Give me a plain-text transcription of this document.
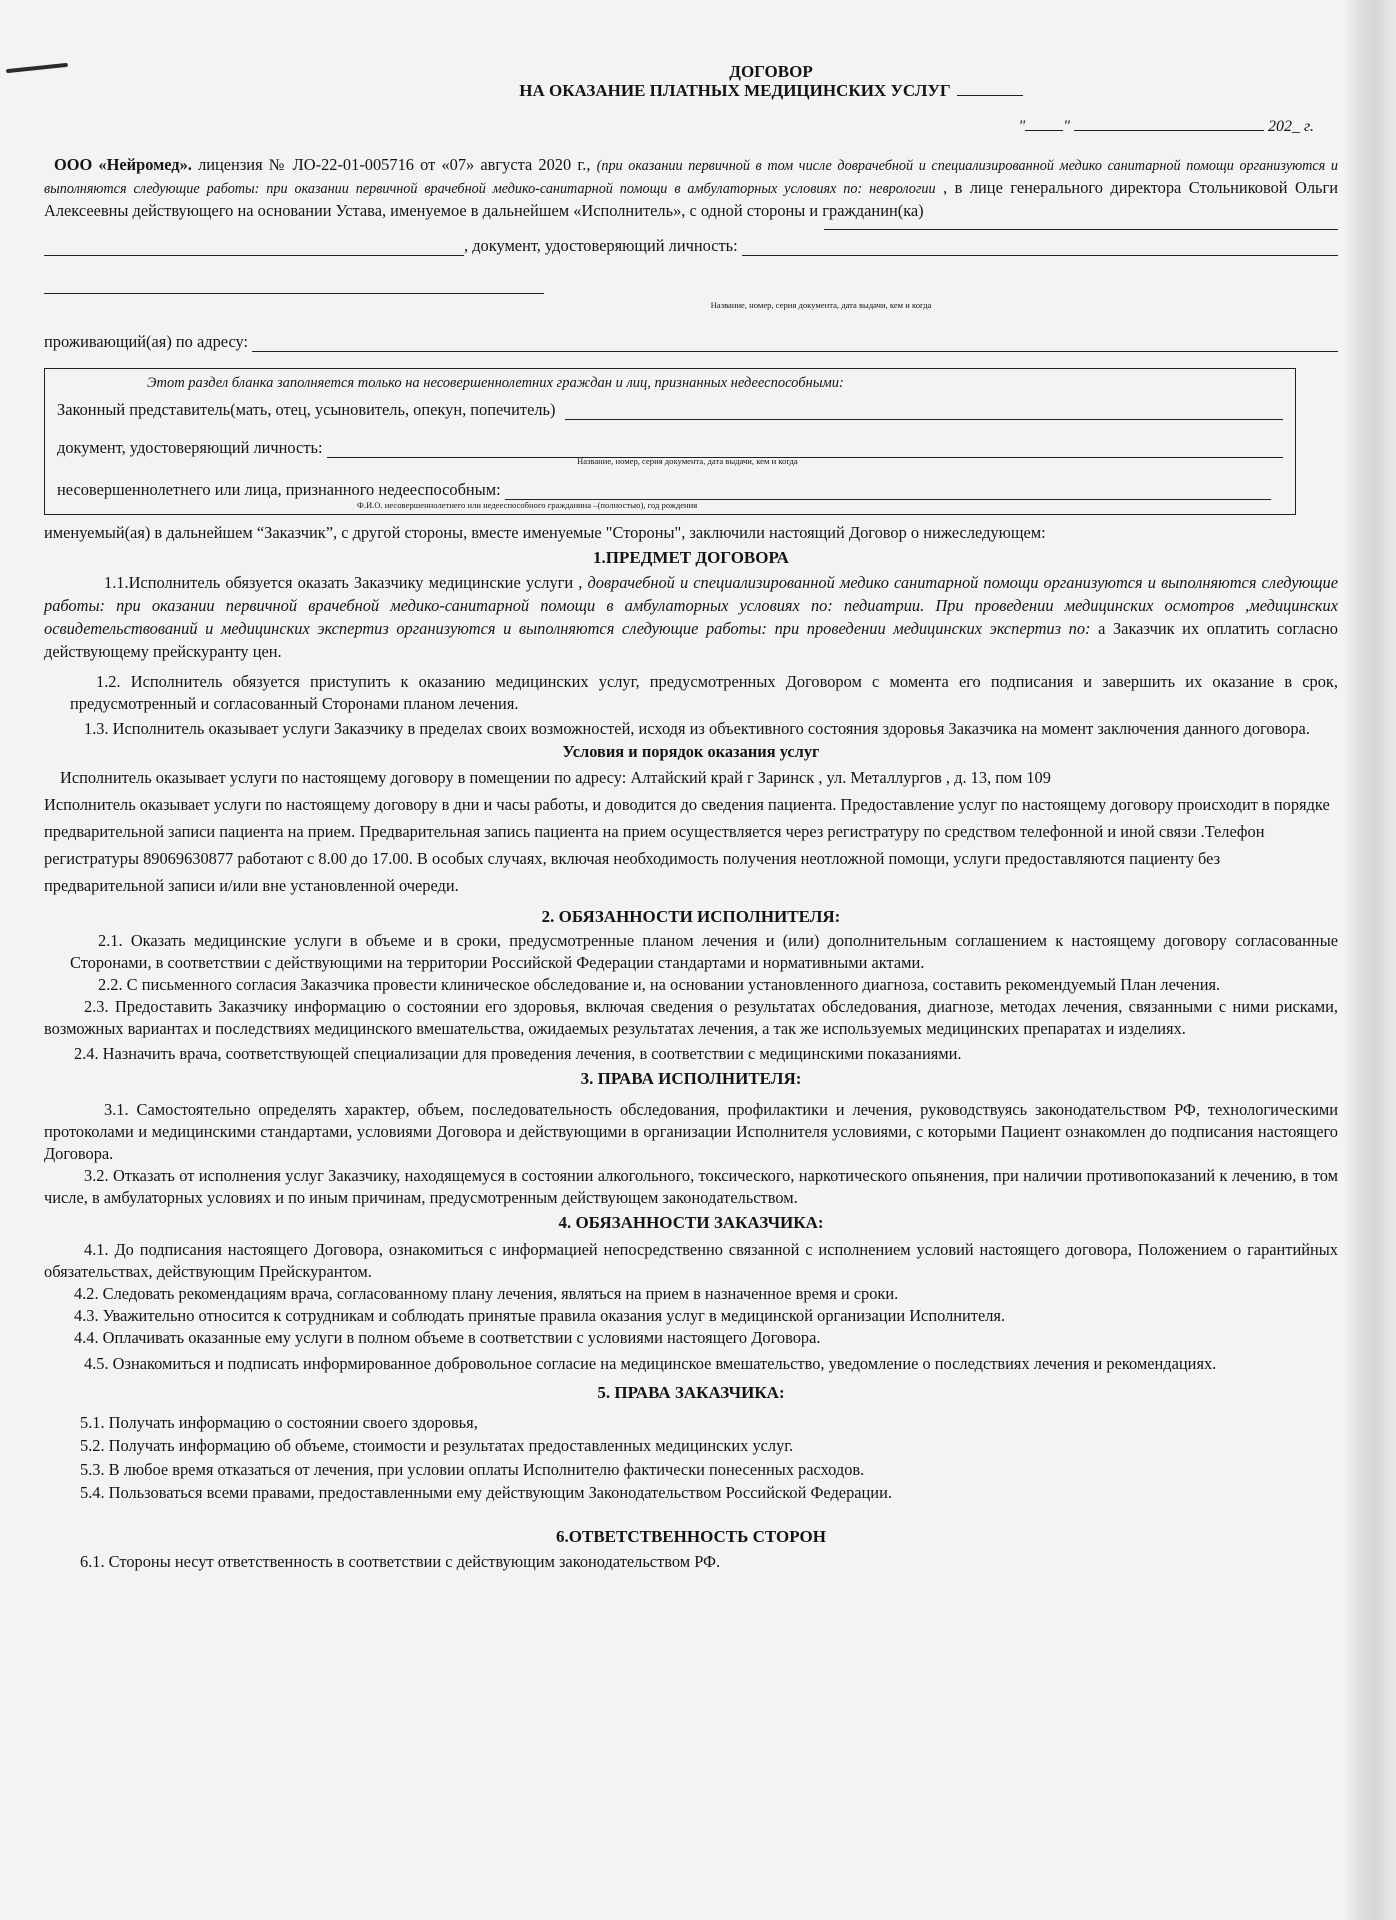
ДОГОВОР
НА ОКАЗАНИЕ ПЛАТНЫХ МЕДИЦИНСКИХ УСЛУГ
" "	202_ г.

ООО «Нейромед». лицензия № ЛО-22-01-005716 от «07» августа 2020 г., (при оказании первичной в том числе доврачебной и специализированной медико санитарной помощи организуются и выполняются следующие работы: при оказании первичной врачебной медико-санитарной помощи в амбулаторных условиях по: неврологии , в лице генерального директора Стольниковой Ольги Алексеевны действующего на основании Устава, именуемое в дальнейшем «Исполнитель», с одной стороны и гражданин(ка)

, документ, удостоверяющий личность:
Название, номер, серия документа, дата выдачи, кем и когда
проживающий(ая) по адресу:
Этот раздел бланка заполняется только на несовершеннолетних граждан и лиц, признанных недееспособными:
Законный представитель(мать, отец, усыновитель, опекун, попечитель)
документ, удостоверяющий личность:
Название, номер, серия документа, дата выдачи, кем и когда
несовершеннолетнего или лица, признанного недееспособным:
Ф.И.О. несовершеннолетнего или недееспособного гражданина –(полностью), год рождения

именуемый(ая) в дальнейшем “Заказчик”, с другой стороны, вместе именуемые "Стороны", заключили настоящий Договор о нижеследующем:

1.ПРЕДМЕТ ДОГОВОРА

1.1.Исполнитель обязуется оказать Заказчику медицинские услуги , доврачебной и специализированной медико санитарной помощи организуются и выполняются следующие работы: при оказании первичной врачебной медико-санитарной помощи в амбулаторных условиях по: педиатрии. При проведении медицинских осмотров ,медицинских освидетельствований и медицинских экспертиз организуются и выполняются следующие работы: при проведении медицинских экспертиз по: а Заказчик их оплатить согласно действующему прейскуранту цен.

1.2. Исполнитель обязуется приступить к оказанию медицинских услуг, предусмотренных Договором с момента его подписания и завершить их оказание в срок, предусмотренный и согласованный Сторонами планом лечения.

1.3. Исполнитель оказывает услуги Заказчику в пределах своих возможностей, исходя из объективного состояния здоровья Заказчика на момент заключения данного договора.

Условия и порядок оказания услуг

Исполнитель оказывает услуги по настоящему договору в помещении по адресу: Алтайский край г Заринск , ул. Металлургов , д. 13, пом 109

Исполнитель оказывает услуги по настоящему договору в дни и часы работы, и доводится до сведения пациента. Предоставление услуг по настоящему договору происходит в порядке предварительной записи пациента на прием. Предварительная запись пациента на прием осуществляется через регистратуру по средством телефонной и иной связи .Телефон регистратуры 89069630877 работают с 8.00 до 17.00. В особых случаях, включая необходимость получения неотложной помощи, услуги предоставляются пациенту без предварительной записи и/или вне установленной очереди.

2. ОБЯЗАННОСТИ ИСПОЛНИТЕЛЯ:

2.1. Оказать медицинские услуги в объеме и в сроки, предусмотренные планом лечения и (или) дополнительным соглашением к настоящему договору согласованные Сторонами, в соответствии с действующими на территории Российской Федерации стандартами и нормативными актами.

2.2. С письменного согласия Заказчика провести клиническое обследование и, на основании установленного диагноза, составить рекомендуемый План лечения.

2.3. Предоставить Заказчику информацию о состоянии его здоровья, включая сведения о результатах обследования, диагнозе, методах лечения, связанными с ними рисками, возможных вариантах и последствиях медицинского вмешательства, ожидаемых результатах лечения, а так же используемых медицинских препаратах и изделиях.

2.4. Назначить врача, соответствующей специализации для проведения лечения, в соответствии с медицинскими показаниями.

3. ПРАВА ИСПОЛНИТЕЛЯ:

3.1. Самостоятельно определять характер, объем, последовательность обследования, профилактики и лечения, руководствуясь законодательством РФ, технологическими протоколами и медицинскими стандартами, условиями Договора и действующими в организации Исполнителя условиями, с которыми Пациент ознакомлен до подписания настоящего Договора.

3.2. Отказать от исполнения услуг Заказчику, находящемуся в состоянии алкогольного, токсического, наркотического опьянения, при наличии противопоказаний к лечению, в том числе, в амбулаторных условиях и по иным причинам, предусмотренным действующем законодательством.

4. ОБЯЗАННОСТИ ЗАКАЗЧИКА:

4.1. До подписания настоящего Договора, ознакомиться с информацией непосредственно связанной с исполнением условий настоящего договора, Положением о гарантийных обязательствах, действующим Прейскурантом.

4.2. Следовать рекомендациям врача, согласованному плану лечения, являться на прием в назначенное время и сроки.

4.3. Уважительно относится к сотрудникам и соблюдать принятые правила оказания услуг в медицинской организации Исполнителя.

4.4. Оплачивать оказанные ему услуги в полном объеме в соответствии с условиями настоящего Договора.

4.5. Ознакомиться и подписать информированное добровольное согласие на медицинское вмешательство, уведомление о последствиях лечения и рекомендациях.

5. ПРАВА ЗАКАЗЧИКА:
5.1. Получать информацию о состоянии своего здоровья,
5.2. Получать информацию об объеме, стоимости и результатах предоставленных медицинских услуг.
5.3. В любое время отказаться от лечения, при условии оплаты Исполнителю фактически понесенных расходов.
5.4. Пользоваться всеми правами, предоставленными ему действующим Законодательством Российской Федерации.
6.ОТВЕТСТВЕННОСТЬ СТОРОН

6.1. Стороны несут ответственность в соответствии с действующим законодательством РФ.
